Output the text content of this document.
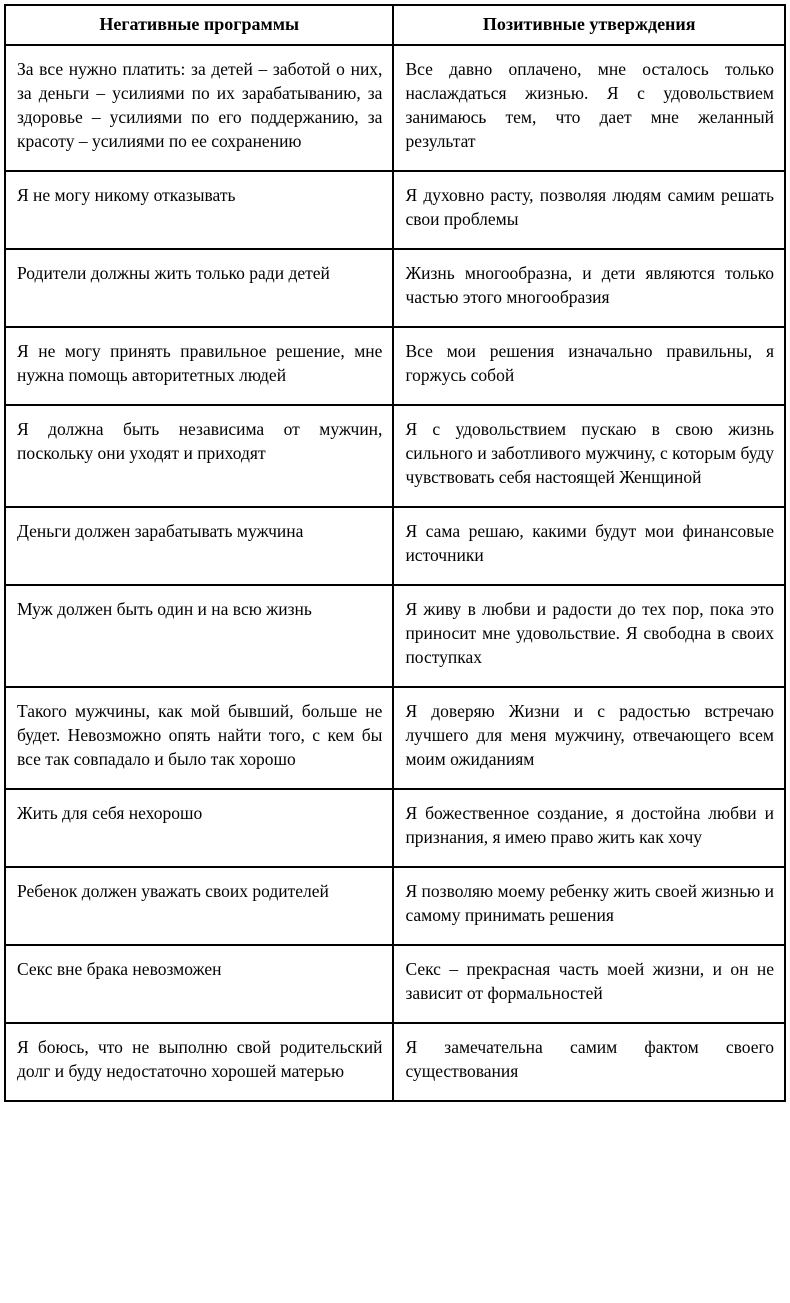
Негативные программы	Позитивные утверждения
За все нужно платить: за детей – заботой о них, за деньги – усилиями по их зарабатыванию, за здоровье – усилиями по его поддержанию, за красоту – усилиями по ее сохранению	Все давно оплачено, мне осталось только наслаждаться жизнью. Я с удовольствием занимаюсь тем, что дает мне желанный результат
Я не могу никому отказывать	Я духовно расту, позволяя людям самим решать свои проблемы
Родители должны жить только ради детей	Жизнь многообразна, и дети являются только частью этого многообразия
Я не могу принять правильное решение, мне нужна помощь авторитетных людей	Все мои решения изначально правильны, я горжусь собой
Я должна быть независима от мужчин, поскольку они уходят и приходят	Я с удовольствием пускаю в свою жизнь сильного и заботливого мужчину, с которым буду чувствовать себя настоящей Женщиной
Деньги должен зарабатывать мужчина	Я сама решаю, какими будут мои финансовые источники
Муж должен быть один и на всю жизнь	Я живу в любви и радости до тех пор, пока это приносит мне удовольствие. Я свободна в своих поступках
Такого мужчины, как мой бывший, больше не будет. Невозможно опять найти того, с кем бы все так совпадало и было так хорошо	Я доверяю Жизни и с радостью встречаю лучшего для меня мужчину, отвечающего всем моим ожиданиям
Жить для себя нехорошо	Я божественное создание, я достойна любви и признания, я имею право жить как хочу
Ребенок должен уважать своих родителей	Я позволяю моему ребенку жить своей жизнью и самому принимать решения
Секс вне брака невозможен	Секс – прекрасная часть моей жизни, и он не зависит от формальностей
Я боюсь, что не выполню свой родительский долг и буду недостаточно хорошей матерью	Я замечательна самим фактом своего существования
